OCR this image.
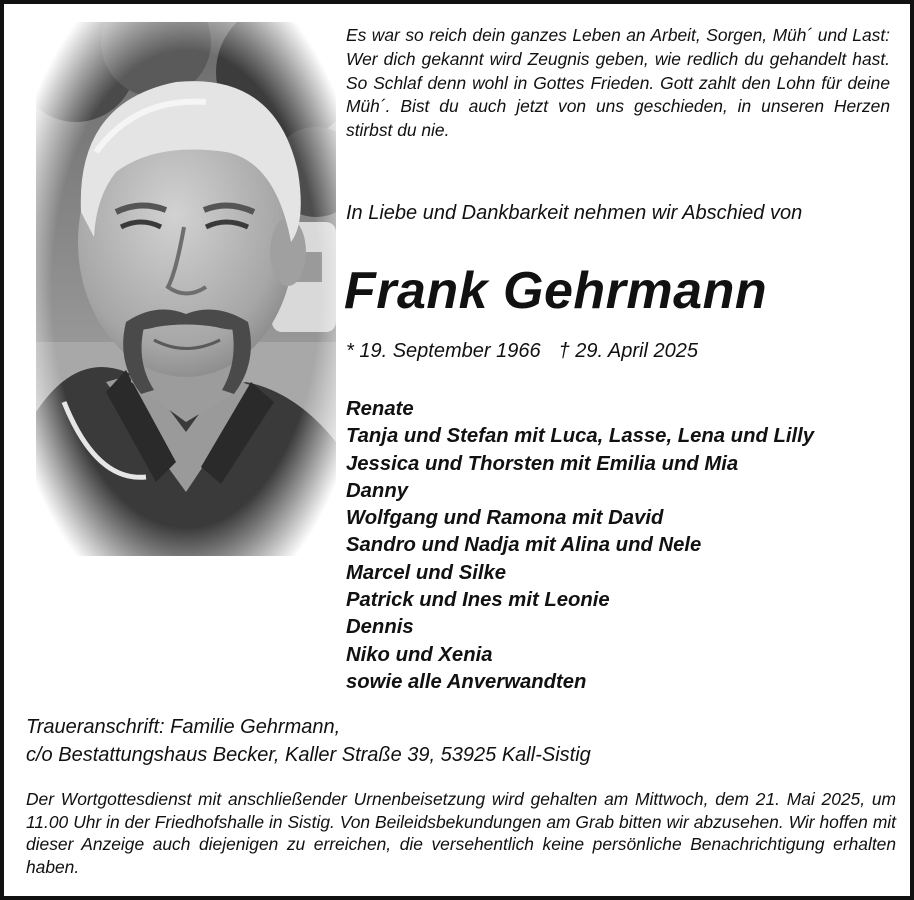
Es war so reich dein ganzes Leben an Arbeit, Sorgen, Müh´ und Last: Wer dich gekannt wird Zeugnis geben, wie redlich du gehandelt hast. So Schlaf denn wohl in Gottes Frieden. Gott zahlt den Lohn für deine Müh´. Bist du auch jetzt von uns geschieden, in unseren Herzen stirbst du nie.
In Liebe und Dankbarkeit nehmen wir Abschied von
Frank Gehrmann
* 19. September 1966 † 29. April 2025
Renate
Tanja und Stefan mit Luca, Lasse, Lena und Lilly
Jessica und Thorsten mit Emilia und Mia
Danny
Wolfgang und Ramona mit David
Sandro und Nadja mit Alina und Nele
Marcel und Silke
Patrick und Ines mit Leonie
Dennis
Niko und Xenia
sowie alle Anverwandten
Traueranschrift: Familie Gehrmann,
c/o Bestattungshaus Becker, Kaller Straße 39, 53925 Kall-Sistig
Der Wortgottesdienst mit anschließender Urnenbeisetzung wird gehalten am Mittwoch, dem 21. Mai 2025, um 11.00 Uhr in der Friedhofshalle in Sistig. Von Beileidsbekundungen am Grab bitten wir abzusehen. Wir hoffen mit dieser Anzeige auch diejenigen zu erreichen, die versehentlich keine persönliche Benachrichtigung erhalten haben.
